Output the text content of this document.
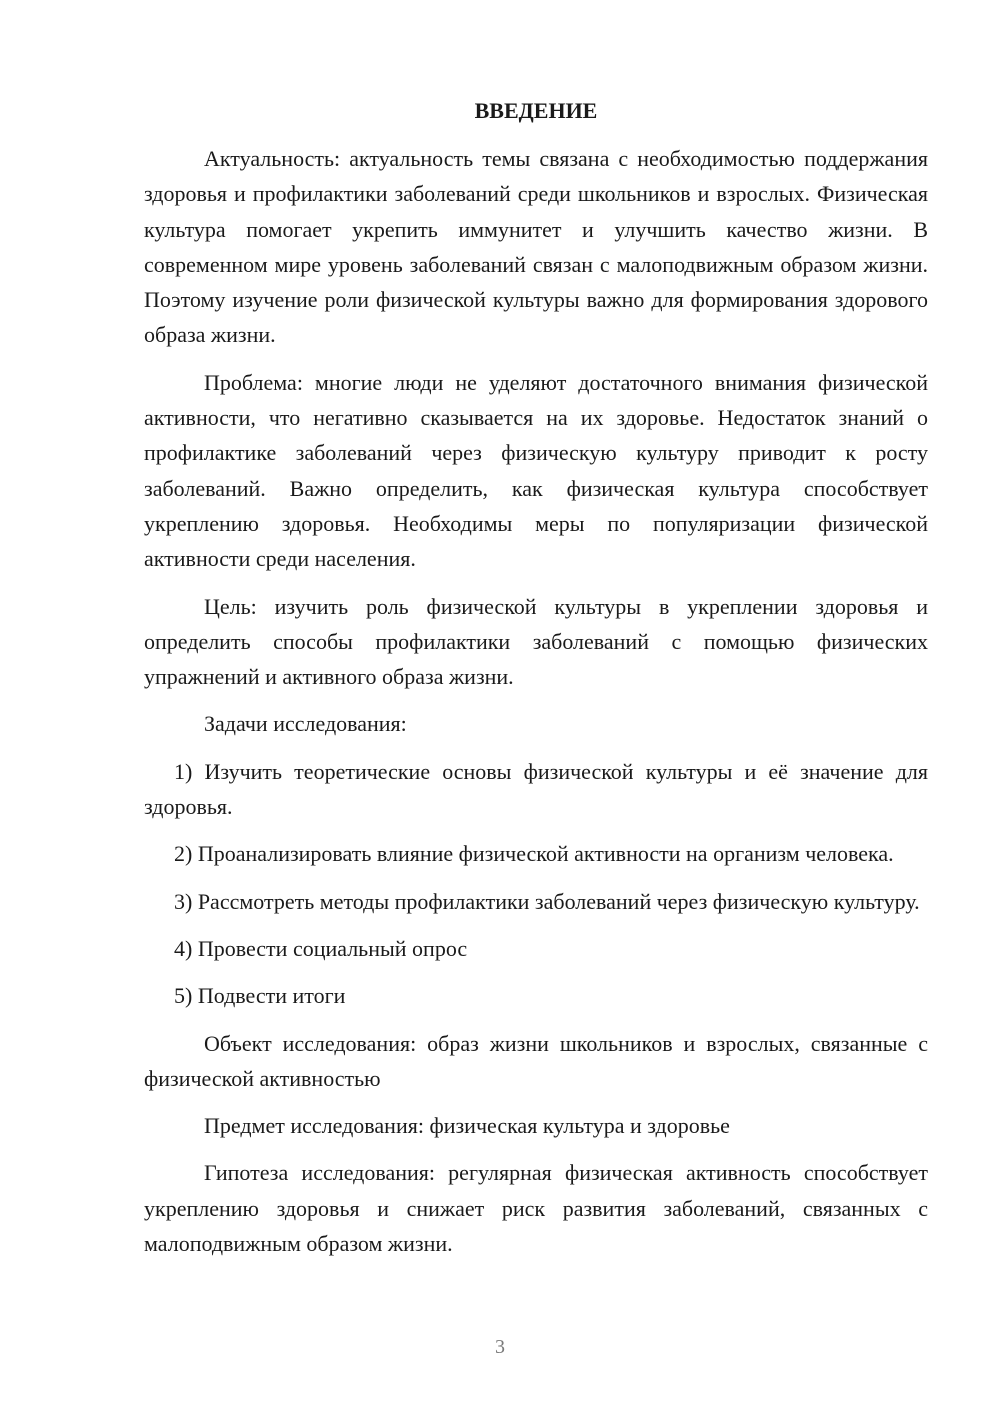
ВВЕДЕНИЕ

Актуальность: актуальность темы связана с необходимостью поддержания здоровья и профилактики заболеваний среди школьников и взрослых. Физическая культура помогает укрепить иммунитет и улучшить качество жизни. В современном мире уровень заболеваний связан с малоподвижным образом жизни. Поэтому изучение роли физической культуры важно для формирования здорового образа жизни.

Проблема: многие люди не уделяют достаточного внимания физической активности, что негативно сказывается на их здоровье. Недостаток знаний о профилактике заболеваний через физическую культуру приводит к росту заболеваний. Важно определить, как физическая культура способствует укреплению здоровья. Необходимы меры по популяризации физической активности среди населения.

Цель: изучить роль физической культуры в укреплении здоровья и определить способы профилактики заболеваний с помощью физических упражнений и активного образа жизни.

Задачи исследования:

1) Изучить теоретические основы физической культуры и её значение для здоровья.

2) Проанализировать влияние физической активности на организм человека.

3) Рассмотреть методы профилактики заболеваний через физическую культуру.

4) Провести социальный опрос

5) Подвести итоги

Объект исследования: образ жизни школьников и взрослых, связанные с физической активностью

Предмет исследования: физическая культура и здоровье

Гипотеза исследования: регулярная физическая активность способствует укреплению здоровья и снижает риск развития заболеваний, связанных с малоподвижным образом жизни.

3
